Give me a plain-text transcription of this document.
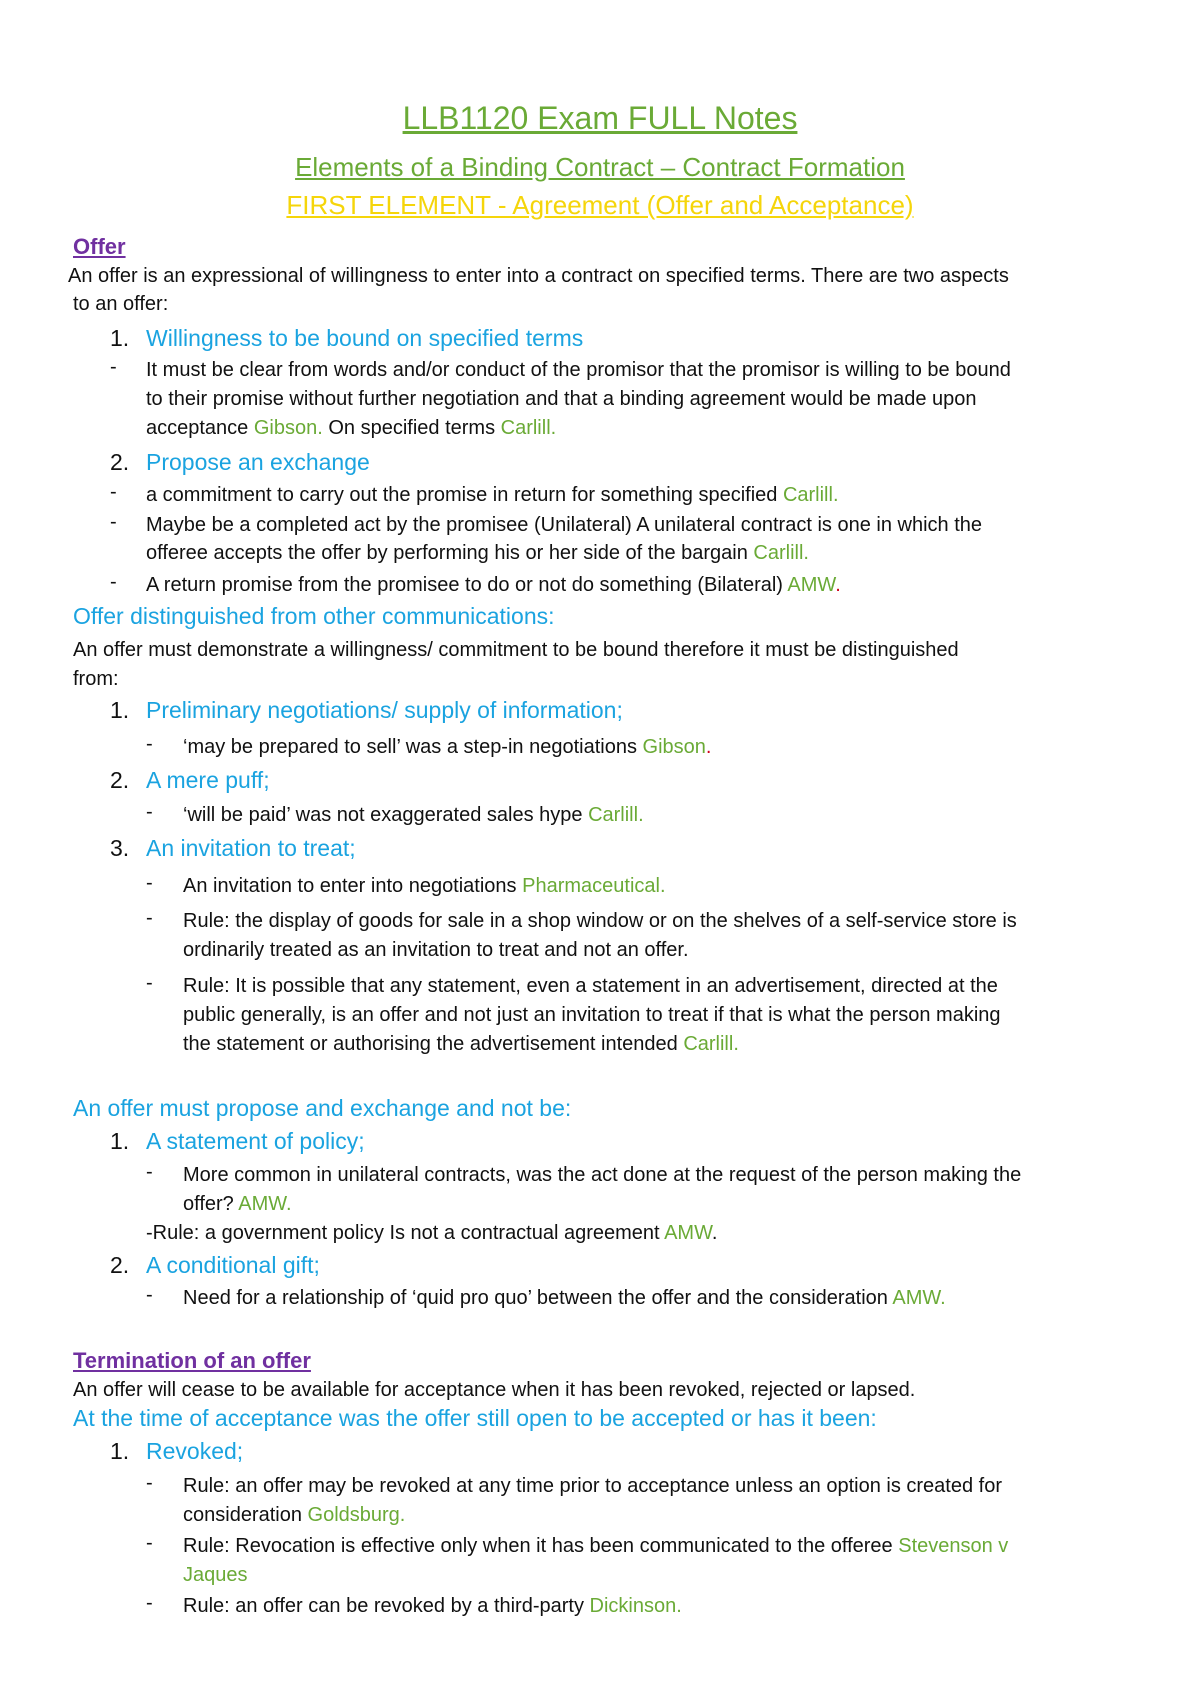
LLB1120 Exam FULL Notes
Elements of a Binding Contract – Contract Formation
FIRST ELEMENT - Agreement (Offer and Acceptance)
Offer
An offer is an expressional of willingness to enter into a contract on specified terms. There are two aspects
to an offer:
1. Willingness to be bound on specified terms
- It must be clear from words and/or conduct of the promisor that the promisor is willing to be bound
to their promise without further negotiation and that a binding agreement would be made upon
acceptance Gibson. On specified terms Carlill.
2. Propose an exchange
- a commitment to carry out the promise in return for something specified Carlill.
- Maybe be a completed act by the promisee (Unilateral) A unilateral contract is one in which the
offeree accepts the offer by performing his or her side of the bargain Carlill.
- A return promise from the promisee to do or not do something (Bilateral) AMW.
Offer distinguished from other communications:
An offer must demonstrate a willingness/ commitment to be bound therefore it must be distinguished
from:
1. Preliminary negotiations/ supply of information;
- ‘may be prepared to sell’ was a step-in negotiations Gibson.
2. A mere puff;
- ‘will be paid’ was not exaggerated sales hype Carlill.
3. An invitation to treat;
- An invitation to enter into negotiations Pharmaceutical.
- Rule: the display of goods for sale in a shop window or on the shelves of a self-service store is
ordinarily treated as an invitation to treat and not an offer.
- Rule: It is possible that any statement, even a statement in an advertisement, directed at the
public generally, is an offer and not just an invitation to treat if that is what the person making
the statement or authorising the advertisement intended Carlill.
An offer must propose and exchange and not be:
1. A statement of policy;
- More common in unilateral contracts, was the act done at the request of the person making the
offer? AMW.
-Rule: a government policy Is not a contractual agreement AMW.
2. A conditional gift;
- Need for a relationship of ‘quid pro quo’ between the offer and the consideration AMW.
Termination of an offer
An offer will cease to be available for acceptance when it has been revoked, rejected or lapsed.
At the time of acceptance was the offer still open to be accepted or has it been:
1. Revoked;
- Rule: an offer may be revoked at any time prior to acceptance unless an option is created for
consideration Goldsburg.
- Rule: Revocation is effective only when it has been communicated to the offeree Stevenson v
Jaques
- Rule: an offer can be revoked by a third-party Dickinson.
